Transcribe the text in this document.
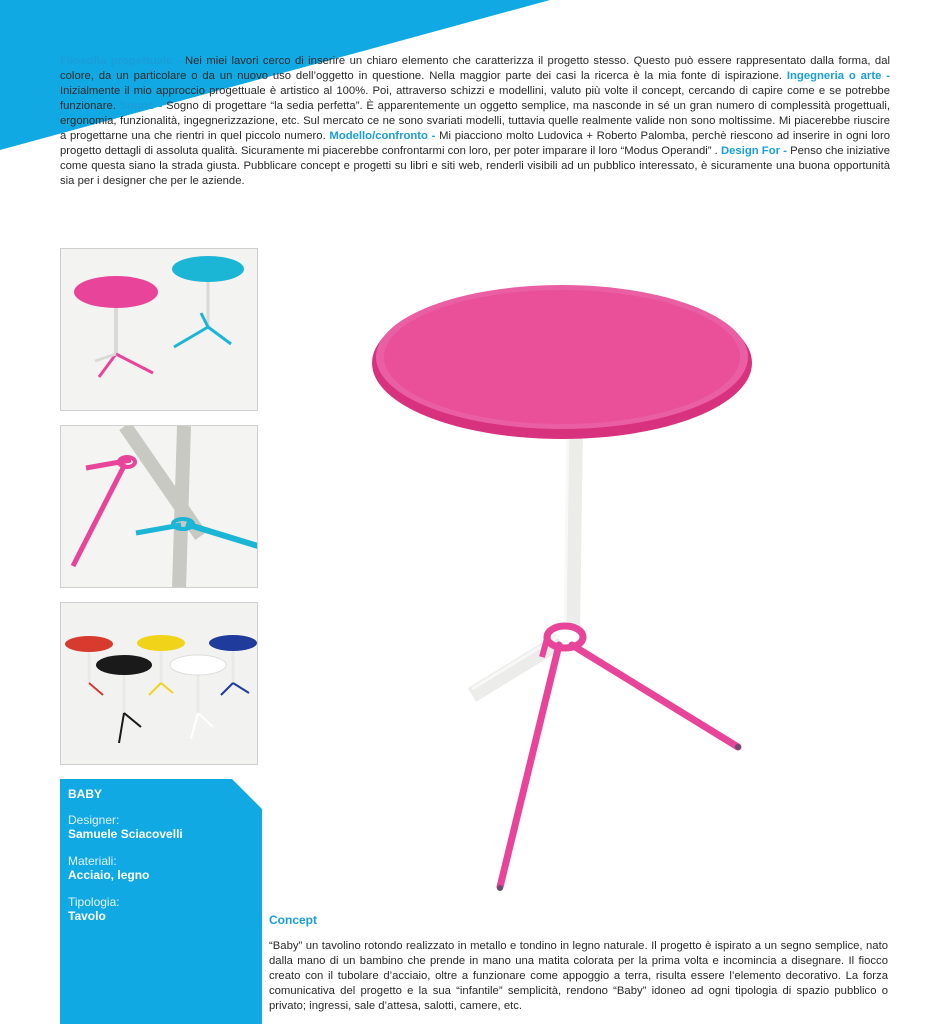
Filosofia progettuale - Nei miei lavori cerco di inserire un chiaro elemento che caratterizza il progetto stesso. Questo può essere rappresentato dalla forma, dal colore, da un particolare o da un nuovo uso dell’oggetto in questione. Nella maggior parte dei casi la ricerca è la mia fonte di ispirazione. Ingegneria o arte - Inizialmente il mio approccio progettuale è artistico al 100%. Poi, attraverso schizzi e modellini, valuto più volte il concept, cercando di capire come e se potrebbe funzionare. Sogno - Sogno di progettare “la sedia perfetta”. È apparentemente un oggetto semplice, ma nasconde in sé un gran numero di complessità progettuali, ergonomia, funzionalità, ingegnerizzazione, etc. Sul mercato ce ne sono svariati modelli, tuttavia quelle realmente valide non sono moltissime. Mi piacerebbe riuscire a progettarne una che rientri in quel piccolo numero. Modello/confronto - Mi piacciono molto Ludovica + Roberto Palomba, perchè riescono ad inserire in ogni loro progetto dettagli di assoluta qualità. Sicuramente mi piacerebbe confrontarmi con loro, per poter imparare il loro “Modus Operandi” . Design For - Penso che iniziative come questa siano la strada giusta. Pubblicare concept e progetti su libri e siti web, renderli visibili ad un pubblico interessato, è sicuramente una buona opportunità sia per i designer che per le aziende.

BABY
Designer:
Samuele Sciacovelli
Materiali:
Acciaio, legno
Tipologia:
Tavolo	Concept

“Baby” un tavolino rotondo realizzato in metallo e tondino in legno naturale. Il progetto è ispirato a un segno semplice, nato dalla mano di un bambino che prende in mano una matita colorata per la prima volta e incomincia a disegnare. Il fiocco creato con il tubolare d’acciaio, oltre a funzionare come appoggio a terra, risulta essere l’elemento decorativo. La forza comunicativa del progetto e la sua “infantile” semplicità, rendono “Baby” idoneo ad ogni tipologia di spazio pubblico o privato; ingressi, sale d’attesa, salotti, camere, etc.
